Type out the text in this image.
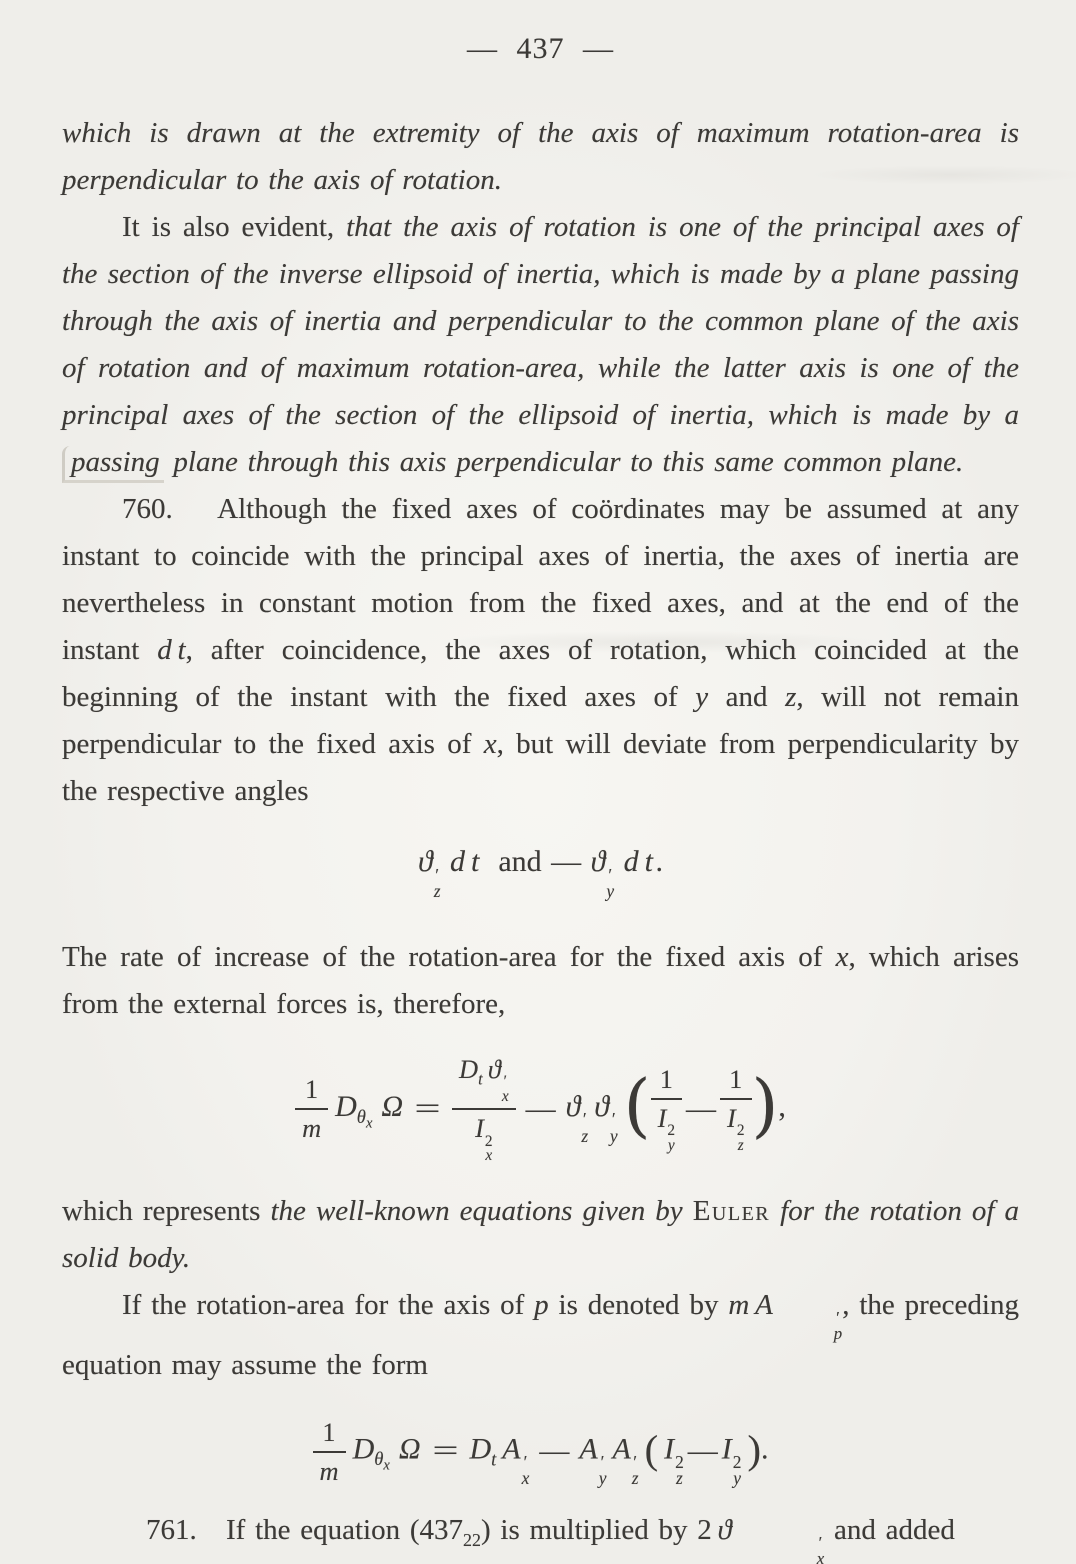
— 437 —

which is drawn at the extremity of the axis of maximum rotation-area is perpendicular to the axis of rotation.

It is also evident, that the axis of rotation is one of the principal axes of the section of the inverse ellipsoid of inertia, which is made by a plane passing through the axis of inertia and perpendicular to the common plane of the axis of rotation and of maximum rotation-area, while the latter axis is one of the principal axes of the section of the ellipsoid of inertia, which is made by a passing plane through this axis perpendicular to this same common plane.

760.   Although the fixed axes of coördinates may be assumed at any instant to coincide with the principal axes of inertia, the axes of inertia are nevertheless in constant motion from the fixed axes, and at the end of the instant d t, after coincidence, the axes of rotation, which coincided at the beginning of the instant with the fixed axes of y and z, will not remain perpendicular to the fixed axis of x, but will deviate from perpendicularity by the respective angles

ϑ ′
z
d t  and — ϑ ′
y
d t .

The rate of increase of the rotation-area for the fixed axis of x, which arises from the external forces is, therefore,

$\frac{1}{m} D_{\theta_x}\Omega = D_t$  ϑ ′
x
I 2
x — ϑ ′
z
 ϑ ′
y
  ( 1
I 2
y — 1
I 2
z ),

which represents the well-known equations given by Euler for the rotation of a solid body.

If the rotation-area for the axis of p is denoted by m A	′
p
, the preceding equation may assume the form

$\frac{1}{m} D_{\theta_x}\Omega = D_t$  A ′
x
— A ′
y
 A ′
z
 (  I 2
z
— I 2
y
 ).

761.   If the equation $(437_{22})$ is multiplied by 2 ϑ	′
x
and added
